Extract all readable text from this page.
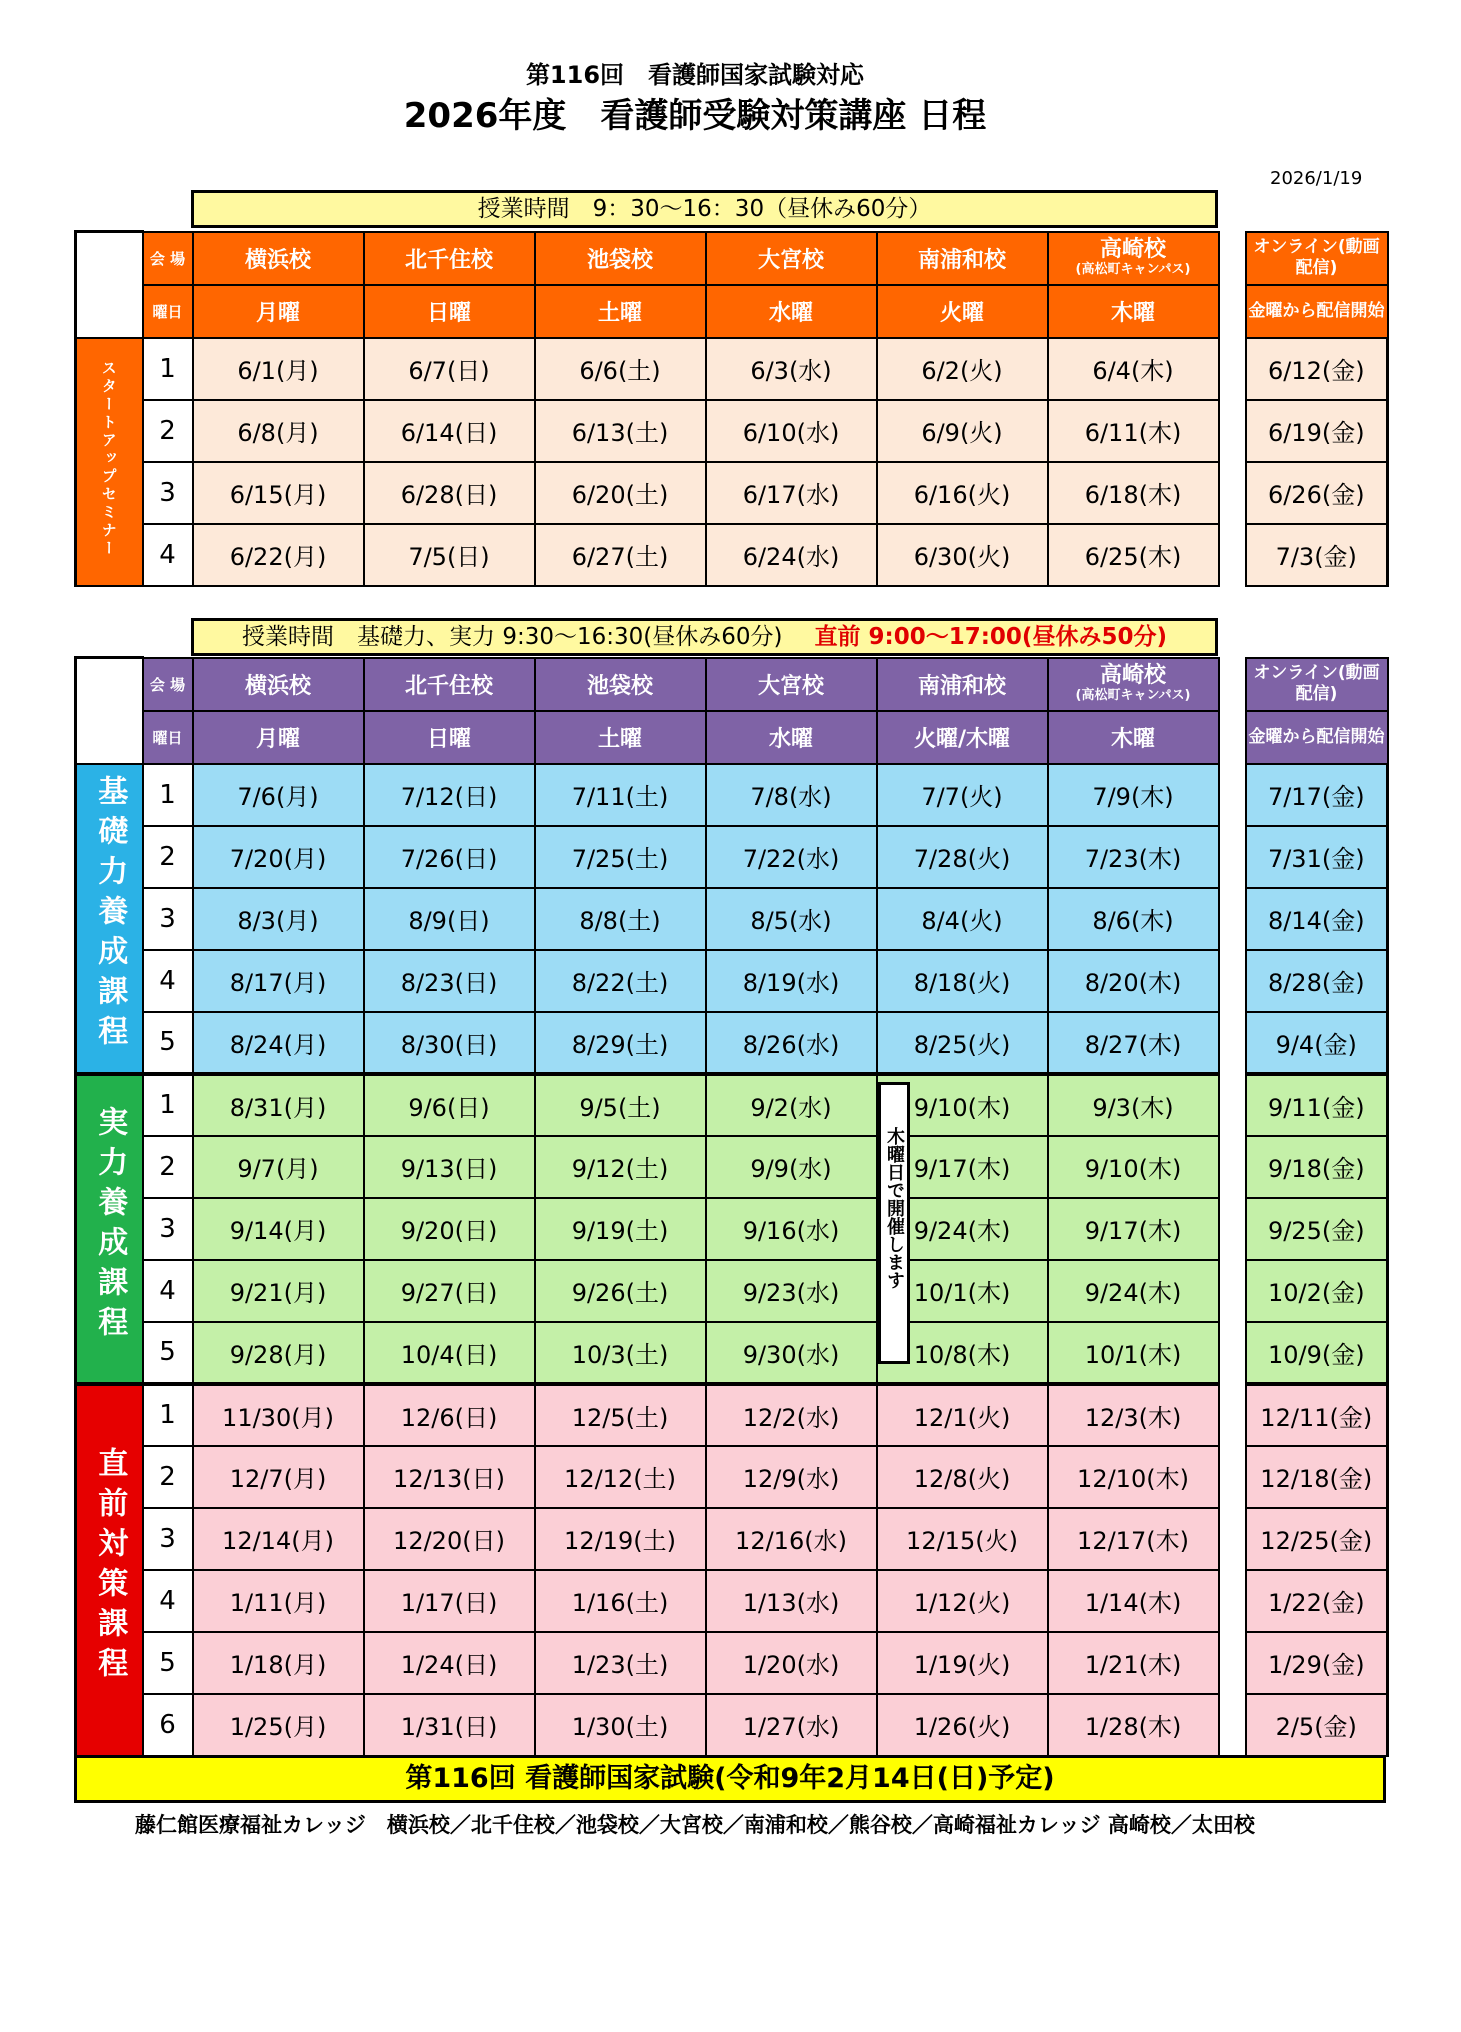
第116回　看護師国家試験対応
2026年度　看護師受験対策講座 日程
2026/1/19
授業時間　9：30〜16：30（昼休み60分）
	会 場	横浜校	北千住校	池袋校	大宮校	南浦和校	高崎校
(高松町キャンパス)		オンライン(動画配信)
	曜日	月曜	日曜	土曜	水曜	火曜	木曜		金曜から配信開始
スタートアップセミナー	1	6/1(月)	6/7(日)	6/6(土)	6/3(水)	6/2(火)	6/4(木)		6/12(金)
	2	6/8(月)	6/14(日)	6/13(土)	6/10(水)	6/9(火)	6/11(木)		6/19(金)
	3	6/15(月)	6/28(日)	6/20(土)	6/17(水)	6/16(火)	6/18(木)		6/26(金)
	4	6/22(月)	7/5(日)	6/27(土)	6/24(水)	6/30(火)	6/25(木)		7/3(金)
授業時間　基礎力、実力 9:30〜16:30(昼休み60分) 直前 9:00〜17:00(昼休み50分)
	会 場	横浜校	北千住校	池袋校	大宮校	南浦和校	高崎校
(高松町キャンパス)		オンライン(動画配信)
	曜日	月曜	日曜	土曜	水曜	火曜/木曜	木曜		金曜から配信開始
基礎力養成課程	1	7/6(月)	7/12(日)	7/11(土)	7/8(水)	7/7(火)	7/9(木)		7/17(金)
	2	7/20(月)	7/26(日)	7/25(土)	7/22(水)	7/28(火)	7/23(木)		7/31(金)
	3	8/3(月)	8/9(日)	8/8(土)	8/5(水)	8/4(火)	8/6(木)		8/14(金)
	4	8/17(月)	8/23(日)	8/22(土)	8/19(水)	8/18(火)	8/20(木)		8/28(金)
	5	8/24(月)	8/30(日)	8/29(土)	8/26(水)	8/25(火)	8/27(木)		9/4(金)
実力養成課程	1	8/31(月)	9/6(日)	9/5(土)	9/2(水)	9/10(木)	9/3(木)		9/11(金)
	2	9/7(月)	9/13(日)	9/12(土)	9/9(水)	9/17(木)	9/10(木)		9/18(金)
	3	9/14(月)	9/20(日)	9/19(土)	9/16(水)	9/24(木)	9/17(木)		9/25(金)
	4	9/21(月)	9/27(日)	9/26(土)	9/23(水)	10/1(木)	9/24(木)		10/2(金)
	5	9/28(月)	10/4(日)	10/3(土)	9/30(水)	10/8(木)	10/1(木)		10/9(金)
直前対策課程	1	11/30(月)	12/6(日)	12/5(土)	12/2(水)	12/1(火)	12/3(木)		12/11(金)
	2	12/7(月)	12/13(日)	12/12(土)	12/9(水)	12/8(火)	12/10(木)		12/18(金)
	3	12/14(月)	12/20(日)	12/19(土)	12/16(水)	12/15(火)	12/17(木)		12/25(金)
	4	1/11(月)	1/17(日)	1/16(土)	1/13(水)	1/12(火)	1/14(木)		1/22(金)
	5	1/18(月)	1/24(日)	1/23(土)	1/20(水)	1/19(火)	1/21(木)		1/29(金)
	6	1/25(月)	1/31(日)	1/30(土)	1/27(水)	1/26(火)	1/28(木)		2/5(金)
木曜日で開催します
第116回 看護師国家試験(令和9年2月14日(日)予定)
藤仁館医療福祉カレッジ　横浜校／北千住校／池袋校／大宮校／南浦和校／熊谷校／高崎福祉カレッジ 高崎校／太田校
